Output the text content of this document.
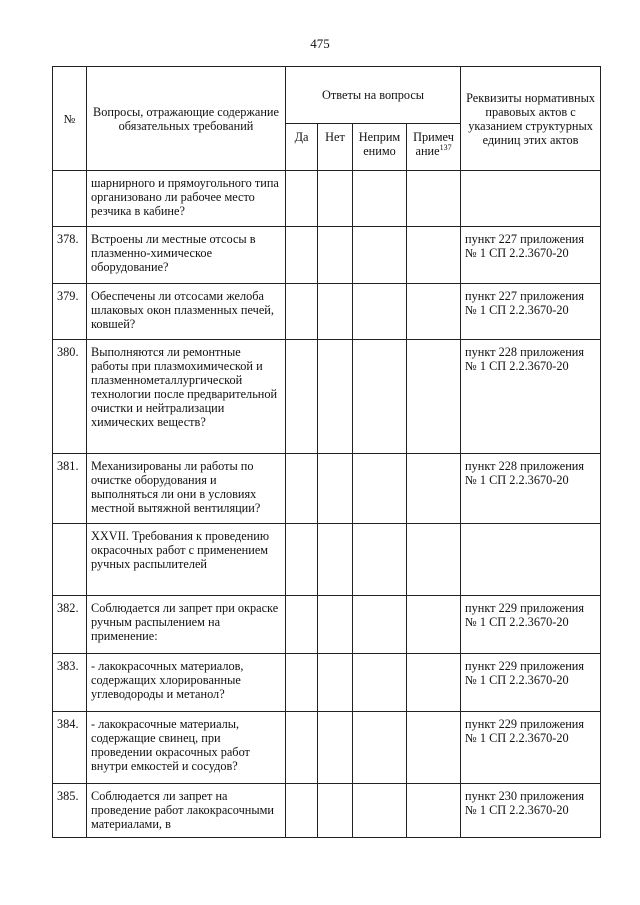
475
№	Вопросы, отражающие содержание обязательных требований	Ответы на вопросы				Реквизиты нормативных правовых актов с указанием структурных единиц этих актов
		Да	Нет	Неприм енимо	Примеч ание$^{137}$
	шарнирного и прямоугольного типа организовано ли рабочее место резчика в кабине?					
378.	Встроены ли местные отсосы в плазменно-химическое оборудование?					пункт 227 приложения № 1 СП 2.2.3670-20
379.	Обеспечены ли отсосами желоба шлаковых окон плазменных печей, ковшей?					пункт 227 приложения № 1 СП 2.2.3670-20
380.	Выполняются ли ремонтные работы при плазмохимической и плазменнометаллургической технологии после предварительной очистки и нейтрализации химических веществ?					пункт 228 приложения № 1 СП 2.2.3670-20
381.	Механизированы ли работы по очистке оборудования и выполняться ли они в условиях местной вытяжной вентиляции?					пункт 228 приложения № 1 СП 2.2.3670-20
	XXVII. Требования к проведению окрасочных работ с применением ручных распылителей					
382.	Соблюдается ли запрет при окраске ручным распылением на применение:					пункт 229 приложения № 1 СП 2.2.3670-20
383.	- лакокрасочных материалов, содержащих хлорированные углеводороды и метанол?					пункт 229 приложения № 1 СП 2.2.3670-20
384.	- лакокрасочные материалы, содержащие свинец, при проведении окрасочных работ внутри емкостей и сосудов?					пункт 229 приложения № 1 СП 2.2.3670-20
385.	Соблюдается ли запрет на проведение работ лакокрасочными материалами, в					пункт 230 приложения № 1 СП 2.2.3670-20
